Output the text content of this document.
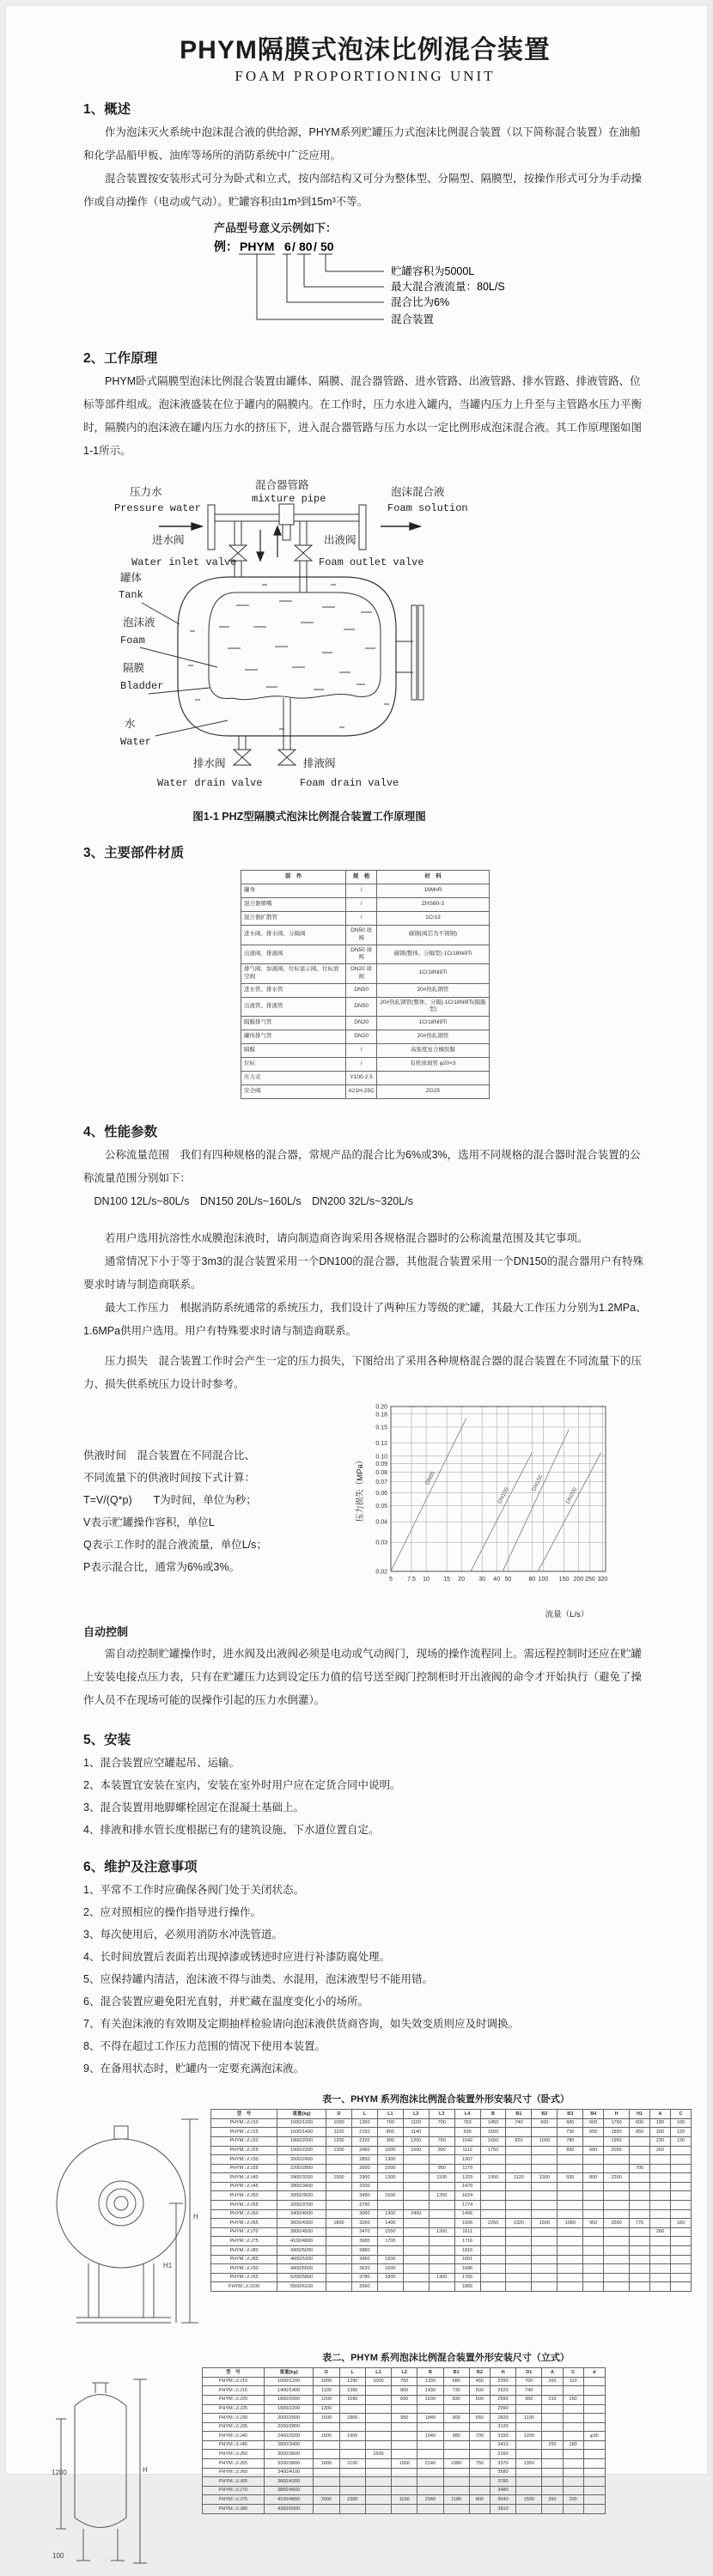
PHYM隔膜式泡沫比例混合装置
FOAM PROPORTIONING UNIT
1、概述

作为泡沫灭火系统中泡沫混合液的供给源，PHYM系列贮罐压力式泡沫比例混合装置（以下简称混合装置）在油船和化学品船甲板、油库等场所的消防系统中广泛应用。

混合装置按安装形式可分为卧式和立式，按内部结构又可分为整体型、分隔型、隔膜型，按操作形式可分为手动操作或自动操作（电动或气动）。贮罐容积由1m³到15m³不等。

产品型号意义示例如下：
例： PHYM 6 / 80 / 50
贮罐容积为5000L
最大混合液流量：80L/S
混合比为6%
混合装置
2、工作原理

PHYM卧式隔膜型泡沫比例混合装置由罐体、隔膜、混合器管路、进水管路、出液管路、排水管路、排液管路、位标等部件组成。泡沫液盛装在位于罐内的隔膜内。在工作时，压力水进入罐内，当罐内压力上升至与主管路水压力平衡时，隔膜内的泡沫液在罐内压力水的挤压下，进入混合器管路与压力水以一定比例形成泡沫混合液。其工作原理图如图1-1所示。

压力水
Pressure water
混合器管路
mixture pipe
泡沫混合液
Foam solution
进水阀
Water inlet valve
出液阀
Foam outlet valve
罐体
Tank
泡沫液
Foam
隔膜
Bladder
水
Water
排水阀
Water drain valve
排液阀
Foam drain valve
图1-1 PHZ型隔膜式泡沫比例混合装置工作原理图
3、主要部件材质
部　件	规　格	材　料
罐身	/	16MnR
混合器喷嘴	/	ZHS60-3
混合器扩散管	/	1Cr13
进水阀、排水阀、分隔阀	DN50 球阀	碳钢(阀芯为不锈钢)
出液阀、排液阀	DN50 球阀	碳钢(整体、分隔型) 1Cr18Ni9Ti
排气阀、加液阀、位标显示阀、位标放空阀	DN20 球阀	1Cr18Ni9Ti
进水管、排水管	DN50	20#热轧钢管
出液管、排液管	DN50	20#热轧钢管(整体、分隔) 1Cr18Ni9Ti(隔膜型)
隔膜排气管	DN20	1Cr18Ni9Ti
罐体排气管	DN20	20#热轧钢管
隔膜	/	高强度复合橡胶膜
位标	/	有机玻璃管 φ20×3
压力表	Y100-2.5	
安全阀	A21H-25C	ZG25
4、性能参数

公称流量范围　我们有四种规格的混合器，常规产品的混合比为6%或3%，选用不同规格的混合器时混合装置的公称流量范围分别如下：

DN100 12L/s~80L/s　DN150 20L/s~160L/s　DN200 32L/s~320L/s

若用户选用抗溶性水成膜泡沫液时，请向制造商咨询采用各规格混合器时的公称流量范围及其它事项。

通常情况下小于等于3m3的混合装置采用一个DN100的混合器，其他混合装置采用一个DN150的混合器用户有特殊要求时请与制造商联系。

最大工作压力　根据消防系统通常的系统压力，我们设计了两种压力等级的贮罐，其最大工作压力分别为1.2MPa、1.6MPa供用户选用。用户有特殊要求时请与制造商联系。

压力损失　混合装置工作时会产生一定的压力损失，下图给出了采用各种规格混合器的混合装置在不同流量下的压力、损失供系统压力设计时参考。

供液时间　混合装置在不同混合比、
不同流量下的供液时间按下式计算：
T=V/(Q*p)　　T为时间，单位为秒；
V表示贮罐操作容积，单位L
Q表示工作时的混合液流量，单位L/s；
P表示混合比，通常为6%或3%。
5 7.5 10 15 20 30 40 50	80 100 150 200 250 320
0.02
0.03
0.04
0.05
0.06
0.07
0.08
0.09
0.10
0.12
0.15
0.18
0.20
DN65
DN100
DN150
DN200
压力损失（MPa）
流量（L/s）
自动控制

需自动控制贮罐操作时，进水阀及出液阀必须是电动或气动阀门，现场的操作流程同上。需远程控制时还应在贮罐上安装电接点压力表，只有在贮罐压力达到设定压力值的信号送至阀门控制柜时开出液阀的命令才开始执行（避免了操作人员不在现场可能的误操作引起的压力水倒灌）。

5、安装
1、混合装置应空罐起吊、运输。
2、本装置宜安装在室内，安装在室外时用户应在定货合同中说明。
3、混合装置用地脚螺栓固定在混凝土基础上。
4、排液和排水管长度根据已有的建筑设施、下水道位置自定。
6、维护及注意事项
1、平常不工作时应确保各阀门处于关闭状态。
2、应对照相应的操作指导进行操作。
3、每次使用后，必须用消防水冲洗管道。
4、长时间放置后表面若出现掉漆或锈迹时应进行补漆防腐处理。
5、应保持罐内清洁，泡沫液不得与油类、水混用，泡沫液型号不能用错。
6、混合装置应避免阳光直射，并贮藏在温度变化小的场所。
7、有关泡沫液的有效期及定期抽样检验请向泡沫液供货商咨询，如失效变质则应及时调换。
8、不得在超过工作压力范围的情况下使用本装置。
9、在备用状态时，贮罐内一定要充满泡沫液。
表一、PHYM 系列泡沫比例混合装置外形安装尺寸（卧式）
H
H1
型　号	重量(kg)	D	L	L1	L2	L3	L4	B	B1	B2	B3	B4	H	H1	A	C
PHYM □/□/10	1000/1200	1000	1360	700	1100	700	763	1450	740	900	680	600	1750	600	180	100
PHYM □/□/15	1600/1400	1100	2150	800	1140		930	1550			730	650	1850	650	200	120
PHYM □/□/20	1800/2000	1200	2320	900	1200	750	1042	1650	820	1000	780		1950		230	130
PHYM □/□/25	1900/2200	1300	2460	1000	1600	900	1112	1750			830	680	2050		260	
PHYM □/□/30	2000/2400		2850	1300			1307									
PHYM □/□/35	2200/2800		2600	1000		950	1179							700		
PHYM □/□/40	2400/3200	1500	2900	1300		1100	1329	1950	1120	1300	930	800	2260			
PHYM □/□/45	2800/3400		3200				1479									
PHYM □/□/50	3000/3500		3490	1600		1250	1624									
PHYM □/□/55	3200/3700		3790				1774									
PHYM □/□/60	3400/4000		3060	1300	2400		1406									
PHYM □/□/65	3600/4300	1800	3260	1400			1506	2250	1320	1500	1080	950	2560	770		160
PHYM □/□/70	3800/4500		3470	1550		1200	1611								280	
PHYM □/□/75	4100/4800		3680	1700			1716									
PHYM □/□/80	4300/5000		3880				1816									
PHYM □/□/85	4600/5300		3450	1500			1601									
PHYM □/□/90	4900/5500		3620	1600			1686									
PHYM □/□/95	5200/5800		3780	1800		1300	1765									
PHYM □/□/100	5500/6100		3990				1865									
表二、PHYM 系列泡沫比例混合装置外形安装尺寸（立式）
H
1200
100
型　号	重量(kg)	D	L	L1	L2	B	B1	B2	H	D1	A	C	d
PHYM □/□/10	1000/1200	1000	1290	1000	750	1330	680	450	2290	700	160	110	
PHYM □/□/15	1400/1400	1100	1390		800	1430	730	500	2620	740			
PHYM □/□/20	1800/2000	1200	1590		830	1630	830	600	2590	950	210	150	
PHYM □/□/25	1900/2200	1300							2990				
PHYM □/□/30	2000/2500	1500	1800		950	1840	900	650	2820	1100			
PHYM □/□/35	2200/2800								3120				
PHYM □/□/40	2400/3200	1600	1900			1940	980	700	3150	1200			φ30
PHYM □/□/45	2800/3400								3410		250	180	
PHYM □/□/50	3000/3600			1500					3160				
PHYM □/□/55	3200/3800	1800	2100		1000	2140	1080	750	3370	1350			
PHYM □/□/60	3400/4100								3580				
PHYM □/□/65	3600/4300								3780				
PHYM □/□/70	3800/4500								3480				
PHYM □/□/75	4100/4800	2000	2300		1100	2340	1180	800	3640	1500	260	200	
PHYM □/□/80	4300/5000								3810				
